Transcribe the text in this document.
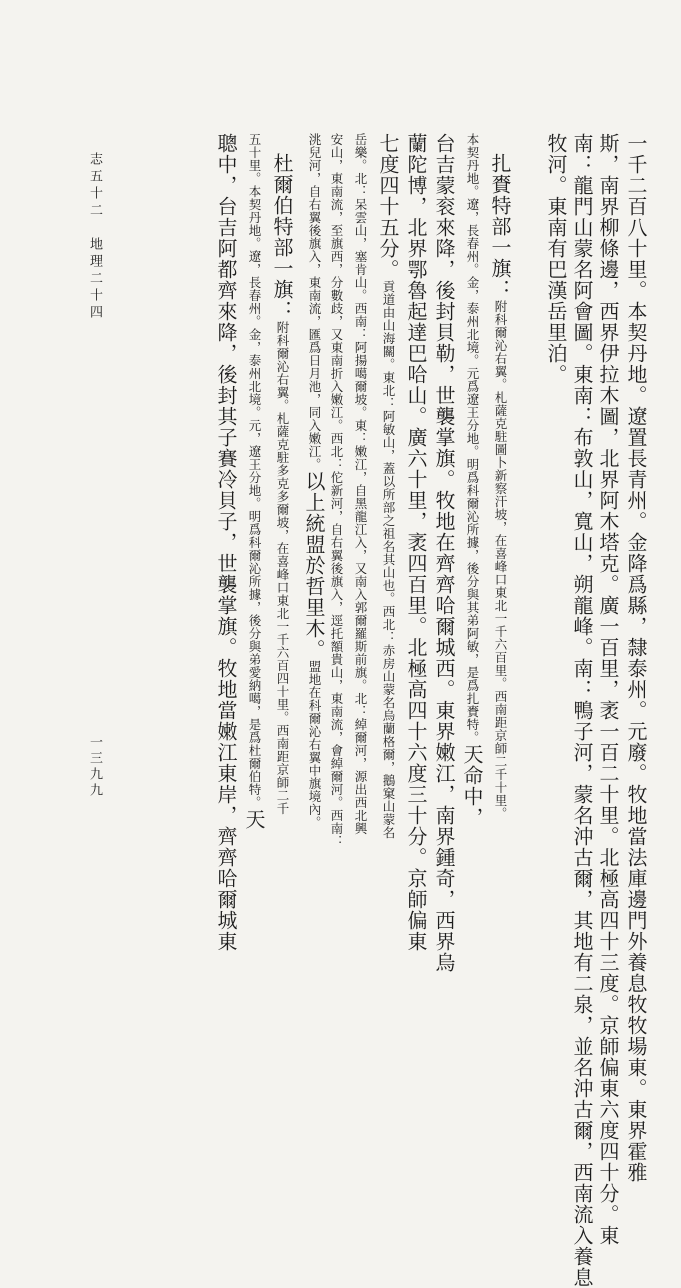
一千二百八十里。本契丹地。遼置長青州。金降爲縣，隸泰州。元廢。牧地當法庫邊門外養息牧牧場東。東界霍雅
斯，南界柳條邊，西界伊拉木圖，北界阿木塔克。廣一百里，袤一百二十里。北極高四十三度。京師偏東六度四十分。東
南：龍門山蒙名阿會圖。東南：布敦山，寬山，朔龍峰。南：鴨子河，蒙名沖古爾，其地有二泉，並名沖古爾，西南流入養息
牧河。東南有巴漢岳里泊。
扎賚特部一旗：附科爾沁右翼。札薩克駐圖卜新察汗坡，在喜峰口東北一千六百里。西南距京師二千十里。
本契丹地。遼，長春州。金，泰州北境。元爲遼王分地。明爲科爾沁所據，後分與其弟阿敏，是爲扎賚特。天命中，
台吉蒙衮來降，後封貝勒，世襲掌旗。牧地在齊齊哈爾城西。東界嫩江，南界鍾奇，西界烏
蘭陀博，北界鄂魯起達巴哈山。廣六十里，袤四百里。北極高四十六度三十分。京師偏東
七度四十五分。貢道由山海關。東北：阿敏山，蓋以所部之祖名其山也。西北：赤房山蒙名烏蘭格爾，鵝窠山蒙名
岳樂。北：呆雲山，塞肯山。西南：阿揚噶爾坡。東：嫩江，自黑龍江入，又南入郭爾羅斯前旗。北：綽爾河，源出西北興
安山，東南流，至旗西，分數歧，又東南折入嫩江。西北：佗新河，自右翼後旗入，逕托額貴山，東南流，會綽爾河。西南：
洮兒河，自右翼後旗入，東南流，匯爲日月池，同入嫩江。以上統盟於哲里木。盟地在科爾沁右翼中旗境內。
杜爾伯特部一旗：附科爾沁右翼。札薩克駐多克多爾坡，在喜峰口東北一千六百四十里。西南距京師二千
五十里。本契丹地。遼，長春州。金，泰州北境。元，遼王分地。明爲科爾沁所據，後分與弟愛納噶，是爲杜爾伯特。天
聰中，台吉阿都齊來降，後封其子賽冷貝子，世襲掌旗。牧地當嫩江東岸，齊齊哈爾城東
志五十二　地理二十四
一三九九
